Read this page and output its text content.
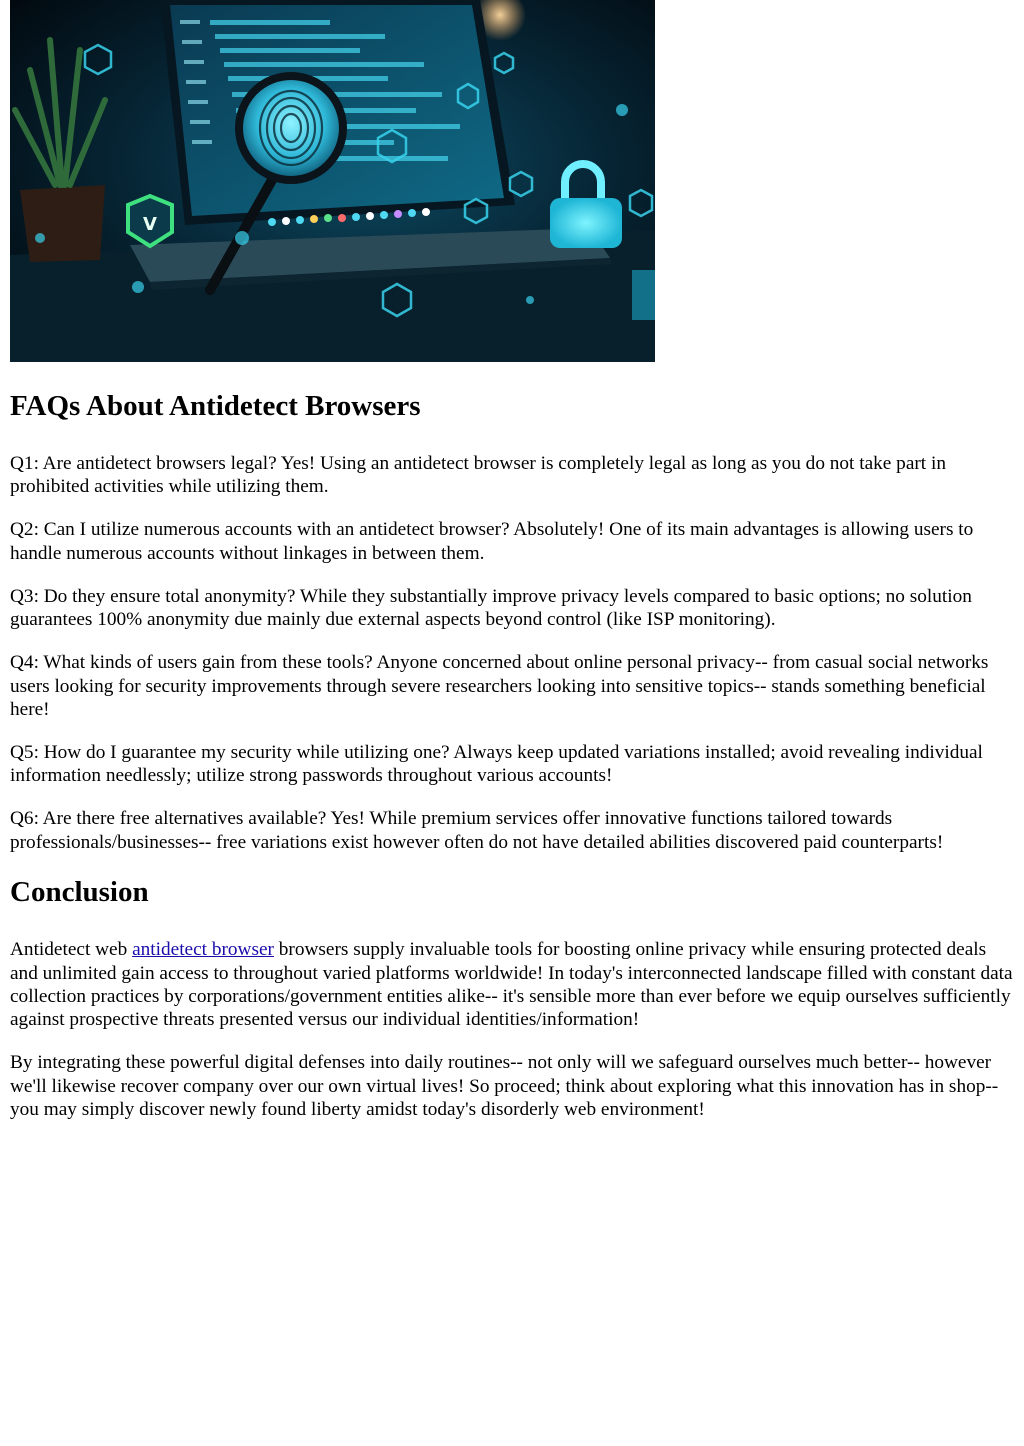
V
FAQs About Antidetect Browsers

Q1: Are antidetect browsers legal? Yes! Using an antidetect browser is completely legal as long as you do not take part in prohibited activities while utilizing them.

Q2: Can I utilize numerous accounts with an antidetect browser? Absolutely! One of its main advantages is allowing users to handle numerous accounts without linkages in between them.

Q3: Do they ensure total anonymity? While they substantially improve privacy levels compared to basic options; no solution guarantees 100% anonymity due mainly due external aspects beyond control (like ISP monitoring).

Q4: What kinds of users gain from these tools? Anyone concerned about online personal privacy-- from casual social networks users looking for security improvements through severe researchers looking into sensitive topics-- stands something beneficial here!

Q5: How do I guarantee my security while utilizing one? Always keep updated variations installed; avoid revealing individual information needlessly; utilize strong passwords throughout various accounts!

Q6: Are there free alternatives available? Yes! While premium services offer innovative functions tailored towards professionals/businesses-- free variations exist however often do not have detailed abilities discovered paid counterparts!

Conclusion

Antidetect web antidetect browser browsers supply invaluable tools for boosting online privacy while ensuring protected deals and unlimited gain access to throughout varied platforms worldwide! In today's interconnected landscape filled with constant data collection practices by corporations/government entities alike-- it's sensible more than ever before we equip ourselves sufficiently against prospective threats presented versus our individual identities/information!

By integrating these powerful digital defenses into daily routines-- not only will we safeguard ourselves much better-- however we'll likewise recover company over our own virtual lives! So proceed; think about exploring what this innovation has in shop-- you may simply discover newly found liberty amidst today's disorderly web environment!
